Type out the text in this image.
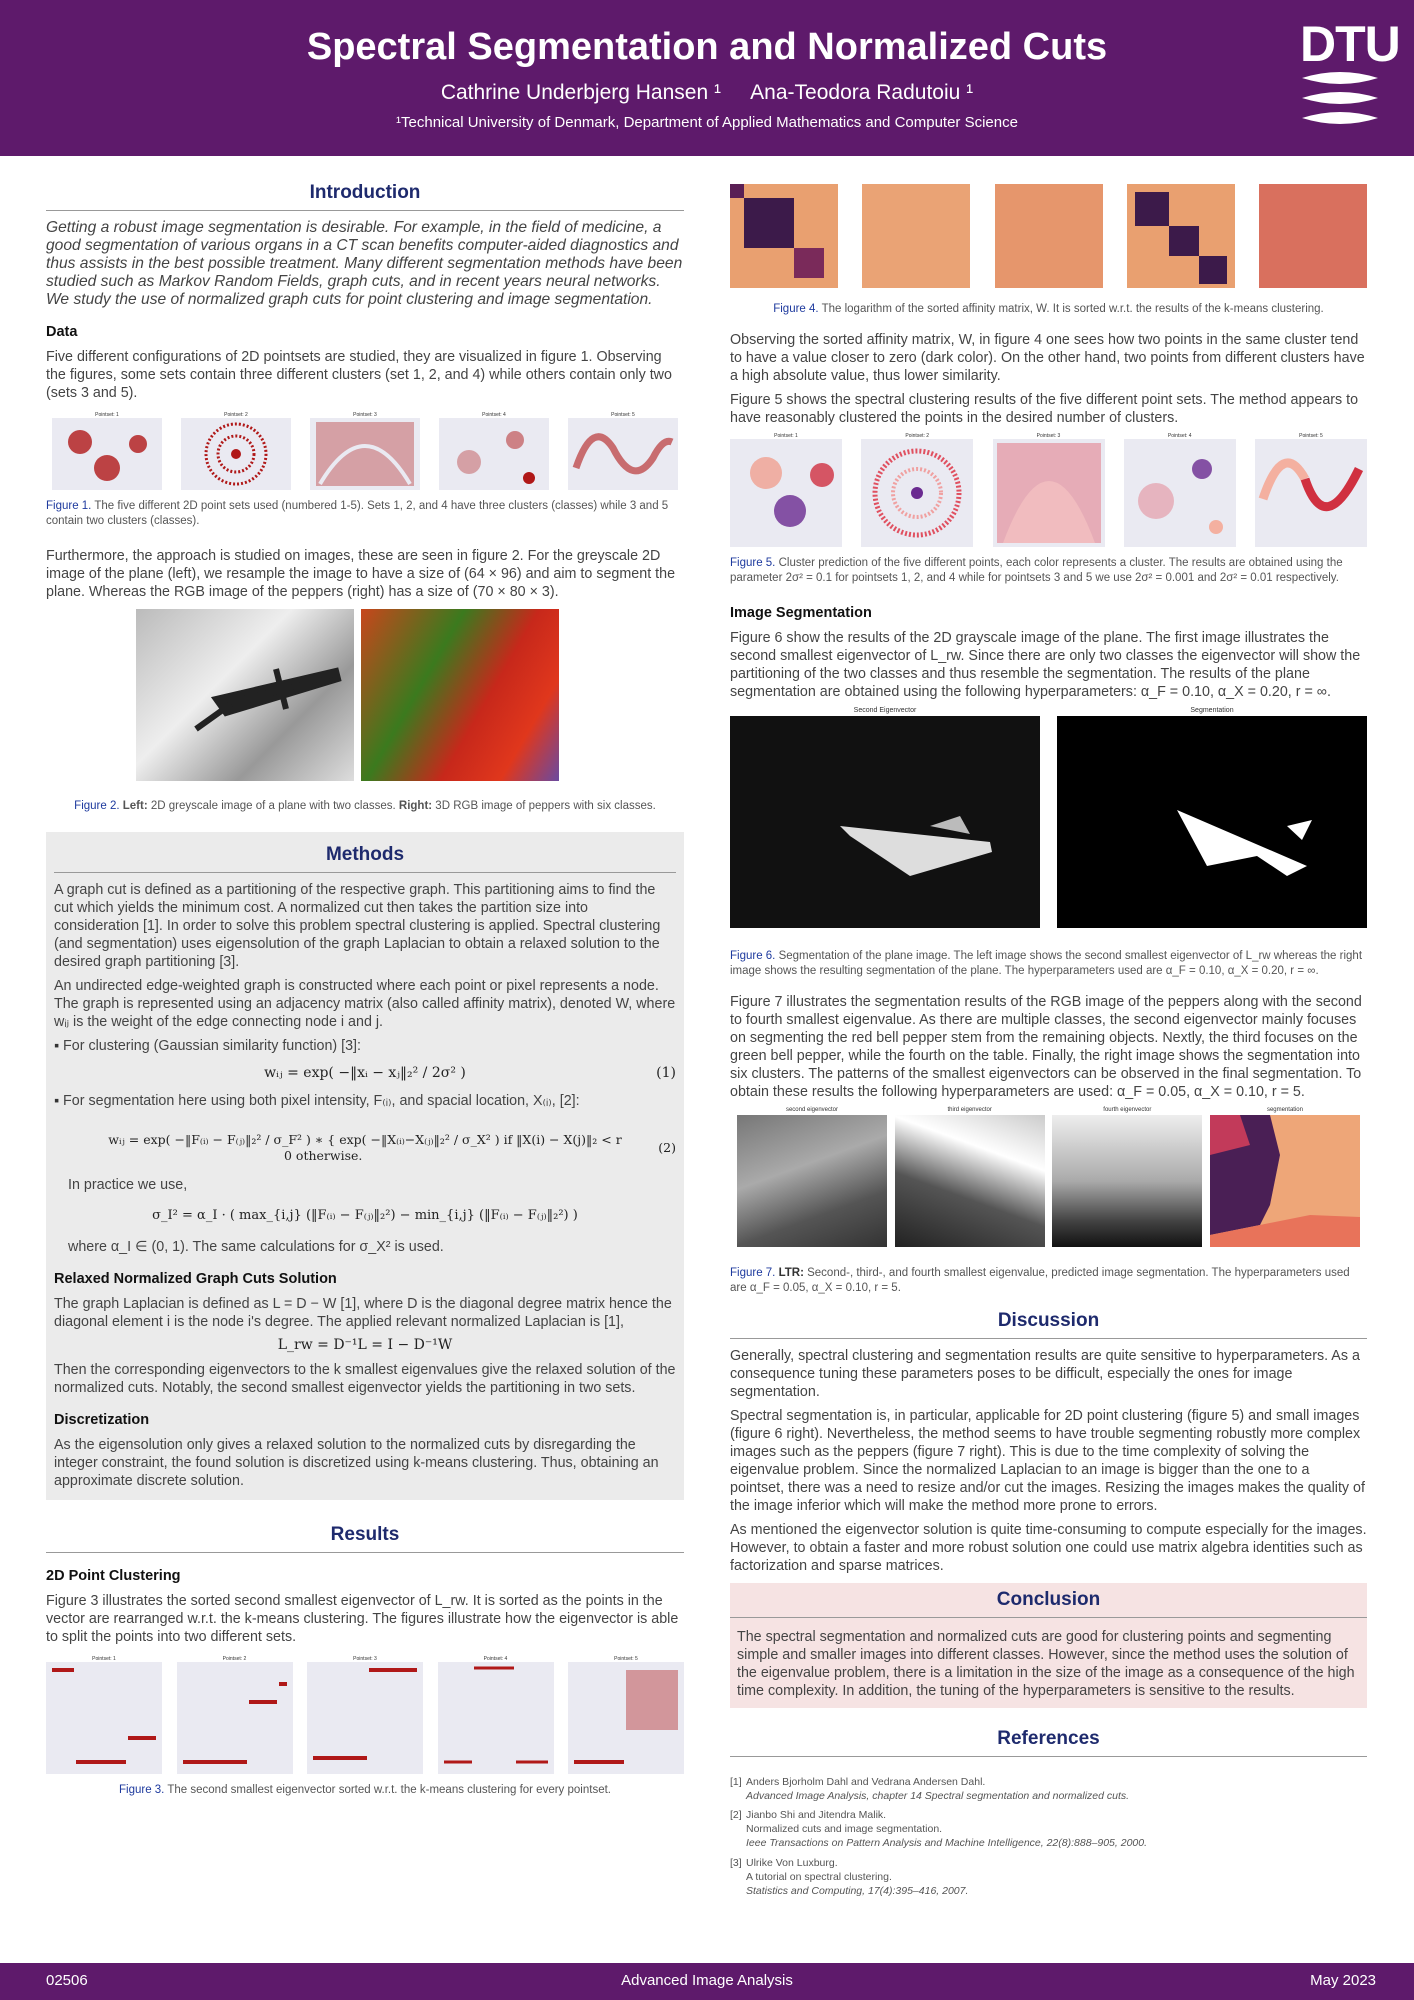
Spectral Segmentation and Normalized Cuts
Cathrine Underbjerg Hansen ¹ Ana-Teodora Radutoiu ¹
¹Technical University of Denmark, Department of Applied Mathematics and Computer Science
DTU
Introduction

Getting a robust image segmentation is desirable. For example, in the field of medicine, a good segmentation of various organs in a CT scan benefits computer-aided diagnostics and thus assists in the best possible treatment. Many different segmentation methods have been studied such as Markov Random Fields, graph cuts, and in recent years neural networks. We study the use of normalized graph cuts for point clustering and image segmentation.

Data

Five different configurations of 2D pointsets are studied, they are visualized in figure 1. Observing the figures, some sets contain three different clusters (set 1, 2, and 4) while others contain only two (sets 3 and 5).

Pointset: 1	Pointset: 2	Pointset: 3	Pointset: 4	Pointset: 5

Figure 1. The five different 2D point sets used (numbered 1-5). Sets 1, 2, and 4 have three clusters (classes) while 3 and 5 contain two clusters (classes).

Furthermore, the approach is studied on images, these are seen in figure 2. For the greyscale 2D image of the plane (left), we resample the image to have a size of (64 × 96) and aim to segment the plane. Whereas the RGB image of the peppers (right) has a size of (70 × 80 × 3).

Figure 2. Left: 2D greyscale image of a plane with two classes. Right: 3D RGB image of peppers with six classes.

Methods

A graph cut is defined as a partitioning of the respective graph. This partitioning aims to find the cut which yields the minimum cost. A normalized cut then takes the partition size into consideration [1]. In order to solve this problem spectral clustering is applied. Spectral clustering (and segmentation) uses eigensolution of the graph Laplacian to obtain a relaxed solution to the desired graph partitioning [3].

An undirected edge-weighted graph is constructed where each point or pixel represents a node. The graph is represented using an adjacency matrix (also called affinity matrix), denoted W, where wᵢⱼ is the weight of the edge connecting node i and j.

▪ For clustering (Gaussian similarity function) [3]:
wᵢⱼ = exp( −‖xᵢ − xⱼ‖₂² / 2σ² )	(1)
▪ For segmentation here using both pixel intensity, F₍ᵢ₎, and spacial location, X₍ᵢ₎, [2]:
wᵢⱼ = exp( −‖F₍ᵢ₎ − F₍ⱼ₎‖₂² / σ_F² ) ∗ { exp( −‖X₍ᵢ₎−X₍ⱼ₎‖₂² / σ_X² ) if ‖X(i) − X(j)‖₂ < r
0 otherwise.
(2)

In practice we use,

σ_I² = α_I · ( max_{i,j} (‖F₍ᵢ₎ − F₍ⱼ₎‖₂²) − min_{i,j} (‖F₍ᵢ₎ − F₍ⱼ₎‖₂²) )

where α_I ∈ (0, 1). The same calculations for σ_X² is used.

Relaxed Normalized Graph Cuts Solution

The graph Laplacian is defined as L = D − W [1], where D is the diagonal degree matrix hence the diagonal element i is the node i's degree. The applied relevant normalized Laplacian is [1],

L_rw = D⁻¹L = I − D⁻¹W

Then the corresponding eigenvectors to the k smallest eigenvalues give the relaxed solution of the normalized cuts. Notably, the second smallest eigenvector yields the partitioning in two sets.

Discretization

As the eigensolution only gives a relaxed solution to the normalized cuts by disregarding the integer constraint, the found solution is discretized using k-means clustering. Thus, obtaining an approximate discrete solution.

Results
2D Point Clustering

Figure 3 illustrates the sorted second smallest eigenvector of L_rw. It is sorted as the points in the vector are rearranged w.r.t. the k-means clustering. The figures illustrate how the eigenvector is able to split the points into two different sets.

Pointset: 1	Pointset: 2	Pointset: 3	Pointset: 4	Pointset: 5

Figure 3. The second smallest eigenvector sorted w.r.t. the k-means clustering for every pointset.

Figure 4. The logarithm of the sorted affinity matrix, W. It is sorted w.r.t. the results of the k-means clustering.

Observing the sorted affinity matrix, W, in figure 4 one sees how two points in the same cluster tend to have a value closer to zero (dark color). On the other hand, two points from different clusters have a high absolute value, thus lower similarity.

Figure 5 shows the spectral clustering results of the five different point sets. The method appears to have reasonably clustered the points in the desired number of clusters.

Pointset: 1	Pointset: 2	Pointset: 3	Pointset: 4	Pointset: 5

Figure 5. Cluster prediction of the five different points, each color represents a cluster. The results are obtained using the parameter 2σ² = 0.1 for pointsets 1, 2, and 4 while for pointsets 3 and 5 we use 2σ² = 0.001 and 2σ² = 0.01 respectively.

Image Segmentation

Figure 6 show the results of the 2D grayscale image of the plane. The first image illustrates the second smallest eigenvector of L_rw. Since there are only two classes the eigenvector will show the partitioning of the two classes and thus resemble the segmentation. The results of the plane segmentation are obtained using the following hyperparameters: α_F = 0.10, α_X = 0.20, r = ∞.

Second Eigenvector	Segmentation

Figure 6. Segmentation of the plane image. The left image shows the second smallest eigenvector of L_rw whereas the right image shows the resulting segmentation of the plane. The hyperparameters used are α_F = 0.10, α_X = 0.20, r = ∞.

Figure 7 illustrates the segmentation results of the RGB image of the peppers along with the second to fourth smallest eigenvalue. As there are multiple classes, the second eigenvector mainly focuses on segmenting the red bell pepper stem from the remaining objects. Nextly, the third focuses on the green bell pepper, while the fourth on the table. Finally, the right image shows the segmentation into six clusters. The patterns of the smallest eigenvectors can be observed in the final segmentation. To obtain these results the following hyperparameters are used: α_F = 0.05, α_X = 0.10, r = 5.

second eigenvector	third eigenvector	fourth eigenvector	segmentation

Figure 7. LTR: Second-, third-, and fourth smallest eigenvalue, predicted image segmentation. The hyperparameters used are α_F = 0.05, α_X = 0.10, r = 5.

Discussion

Generally, spectral clustering and segmentation results are quite sensitive to hyperparameters. As a consequence tuning these parameters poses to be difficult, especially the ones for image segmentation.

Spectral segmentation is, in particular, applicable for 2D point clustering (figure 5) and small images (figure 6 right). Nevertheless, the method seems to have trouble segmenting robustly more complex images such as the peppers (figure 7 right). This is due to the time complexity of solving the eigenvalue problem. Since the normalized Laplacian to an image is bigger than the one to a pointset, there was a need to resize and/or cut the images. Resizing the images makes the quality of the image inferior which will make the method more prone to errors.

As mentioned the eigenvector solution is quite time-consuming to compute especially for the images. However, to obtain a faster and more robust solution one could use matrix algebra identities such as factorization and sparse matrices.

Conclusion

The spectral segmentation and normalized cuts are good for clustering points and segmenting simple and smaller images into different classes. However, since the method uses the solution of the eigenvalue problem, there is a limitation in the size of the image as a consequence of the high time complexity. In addition, the tuning of the hyperparameters is sensitive to the results.

References
[1] Anders Bjorholm Dahl and Vedrana Andersen Dahl.
Advanced Image Analysis, chapter 14 Spectral segmentation and normalized cuts.
[2] Jianbo Shi and Jitendra Malik.
Normalized cuts and image segmentation.
Ieee Transactions on Pattern Analysis and Machine Intelligence, 22(8):888–905, 2000.
[3] Ulrike Von Luxburg.
A tutorial on spectral clustering.
Statistics and Computing, 17(4):395–416, 2007.
02506	Advanced Image Analysis	May 2023
